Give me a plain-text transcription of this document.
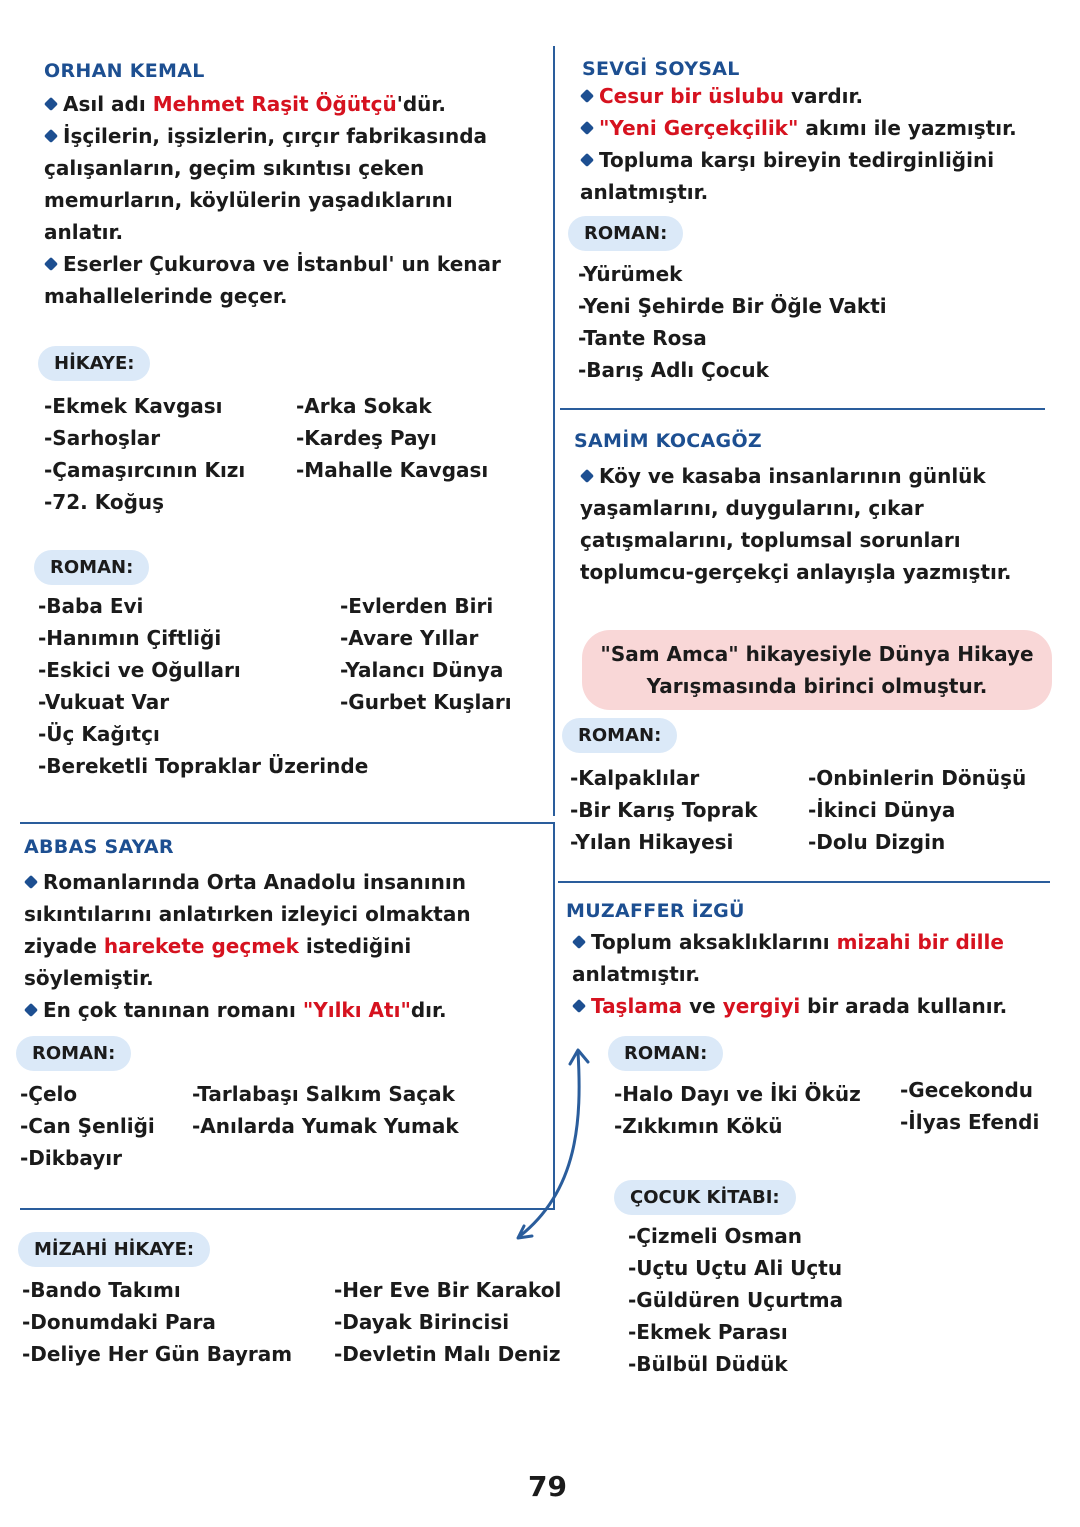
ORHAN KEMAL
Asıl adı Mehmet Raşit Öğütçü'dür.
İşçilerin, işsizlerin, çırçır fabrikasında çalışanların, geçim sıkıntısı çeken memurların, köylülerin yaşadıklarını anlatır.
Eserler Çukurova ve İstanbul' un kenar mahallelerinde geçer.
HİKAYE:
-Ekmek Kavgası
-Sarhoşlar
-Çamaşırcının Kızı
-72. Koğuş
-Arka Sokak
-Kardeş Payı
-Mahalle Kavgası
ROMAN:
-Baba Evi
-Hanımın Çiftliği
-Eskici ve Oğulları
-Vukuat Var
-Üç Kağıtçı
-Bereketli Topraklar Üzerinde
-Evlerden Biri
-Avare Yıllar
-Yalancı Dünya
-Gurbet Kuşları
SEVGİ SOYSAL
Cesur bir üslubu vardır.
"Yeni Gerçekçilik" akımı ile yazmıştır.
Topluma karşı bireyin tedirginliğini anlatmıştır.
ROMAN:
-Yürümek
-Yeni Şehirde Bir Öğle Vakti
-Tante Rosa
-Barış Adlı Çocuk
SAMİM KOCAGÖZ
Köy ve kasaba insanlarının günlük yaşamlarını, duygularını, çıkar çatışmalarını, toplumsal sorunları toplumcu-gerçekçi anlayışla yazmıştır.
"Sam Amca" hikayesiyle Dünya Hikaye Yarışmasında birinci olmuştur.
ROMAN:
-Kalpaklılar
-Bir Karış Toprak
-Yılan Hikayesi
-Onbinlerin Dönüşü
-İkinci Dünya
-Dolu Dizgin
ABBAS SAYAR
Romanlarında Orta Anadolu insanının sıkıntılarını anlatırken izleyici olmaktan ziyade harekete geçmek istediğini söylemiştir.
En çok tanınan romanı "Yılkı Atı"dır.
ROMAN:
-Çelo
-Can Şenliği
-Dikbayır
-Tarlabaşı Salkım Saçak
-Anılarda Yumak Yumak
MUZAFFER İZGÜ
Toplum aksaklıklarını mizahi bir dille anlatmıştır.
Taşlama ve yergiyi bir arada kullanır.
ROMAN:
-Halo Dayı ve İki Öküz
-Zıkkımın Kökü
-Gecekondu
-İlyas Efendi
ÇOCUK KİTABI:
-Çizmeli Osman
-Uçtu Uçtu Ali Uçtu
-Güldüren Uçurtma
-Ekmek Parası
-Bülbül Düdük
MİZAHİ HİKAYE:
-Bando Takımı
-Donumdaki Para
-Deliye Her Gün Bayram
-Her Eve Bir Karakol
-Dayak Birincisi
-Devletin Malı Deniz
79
